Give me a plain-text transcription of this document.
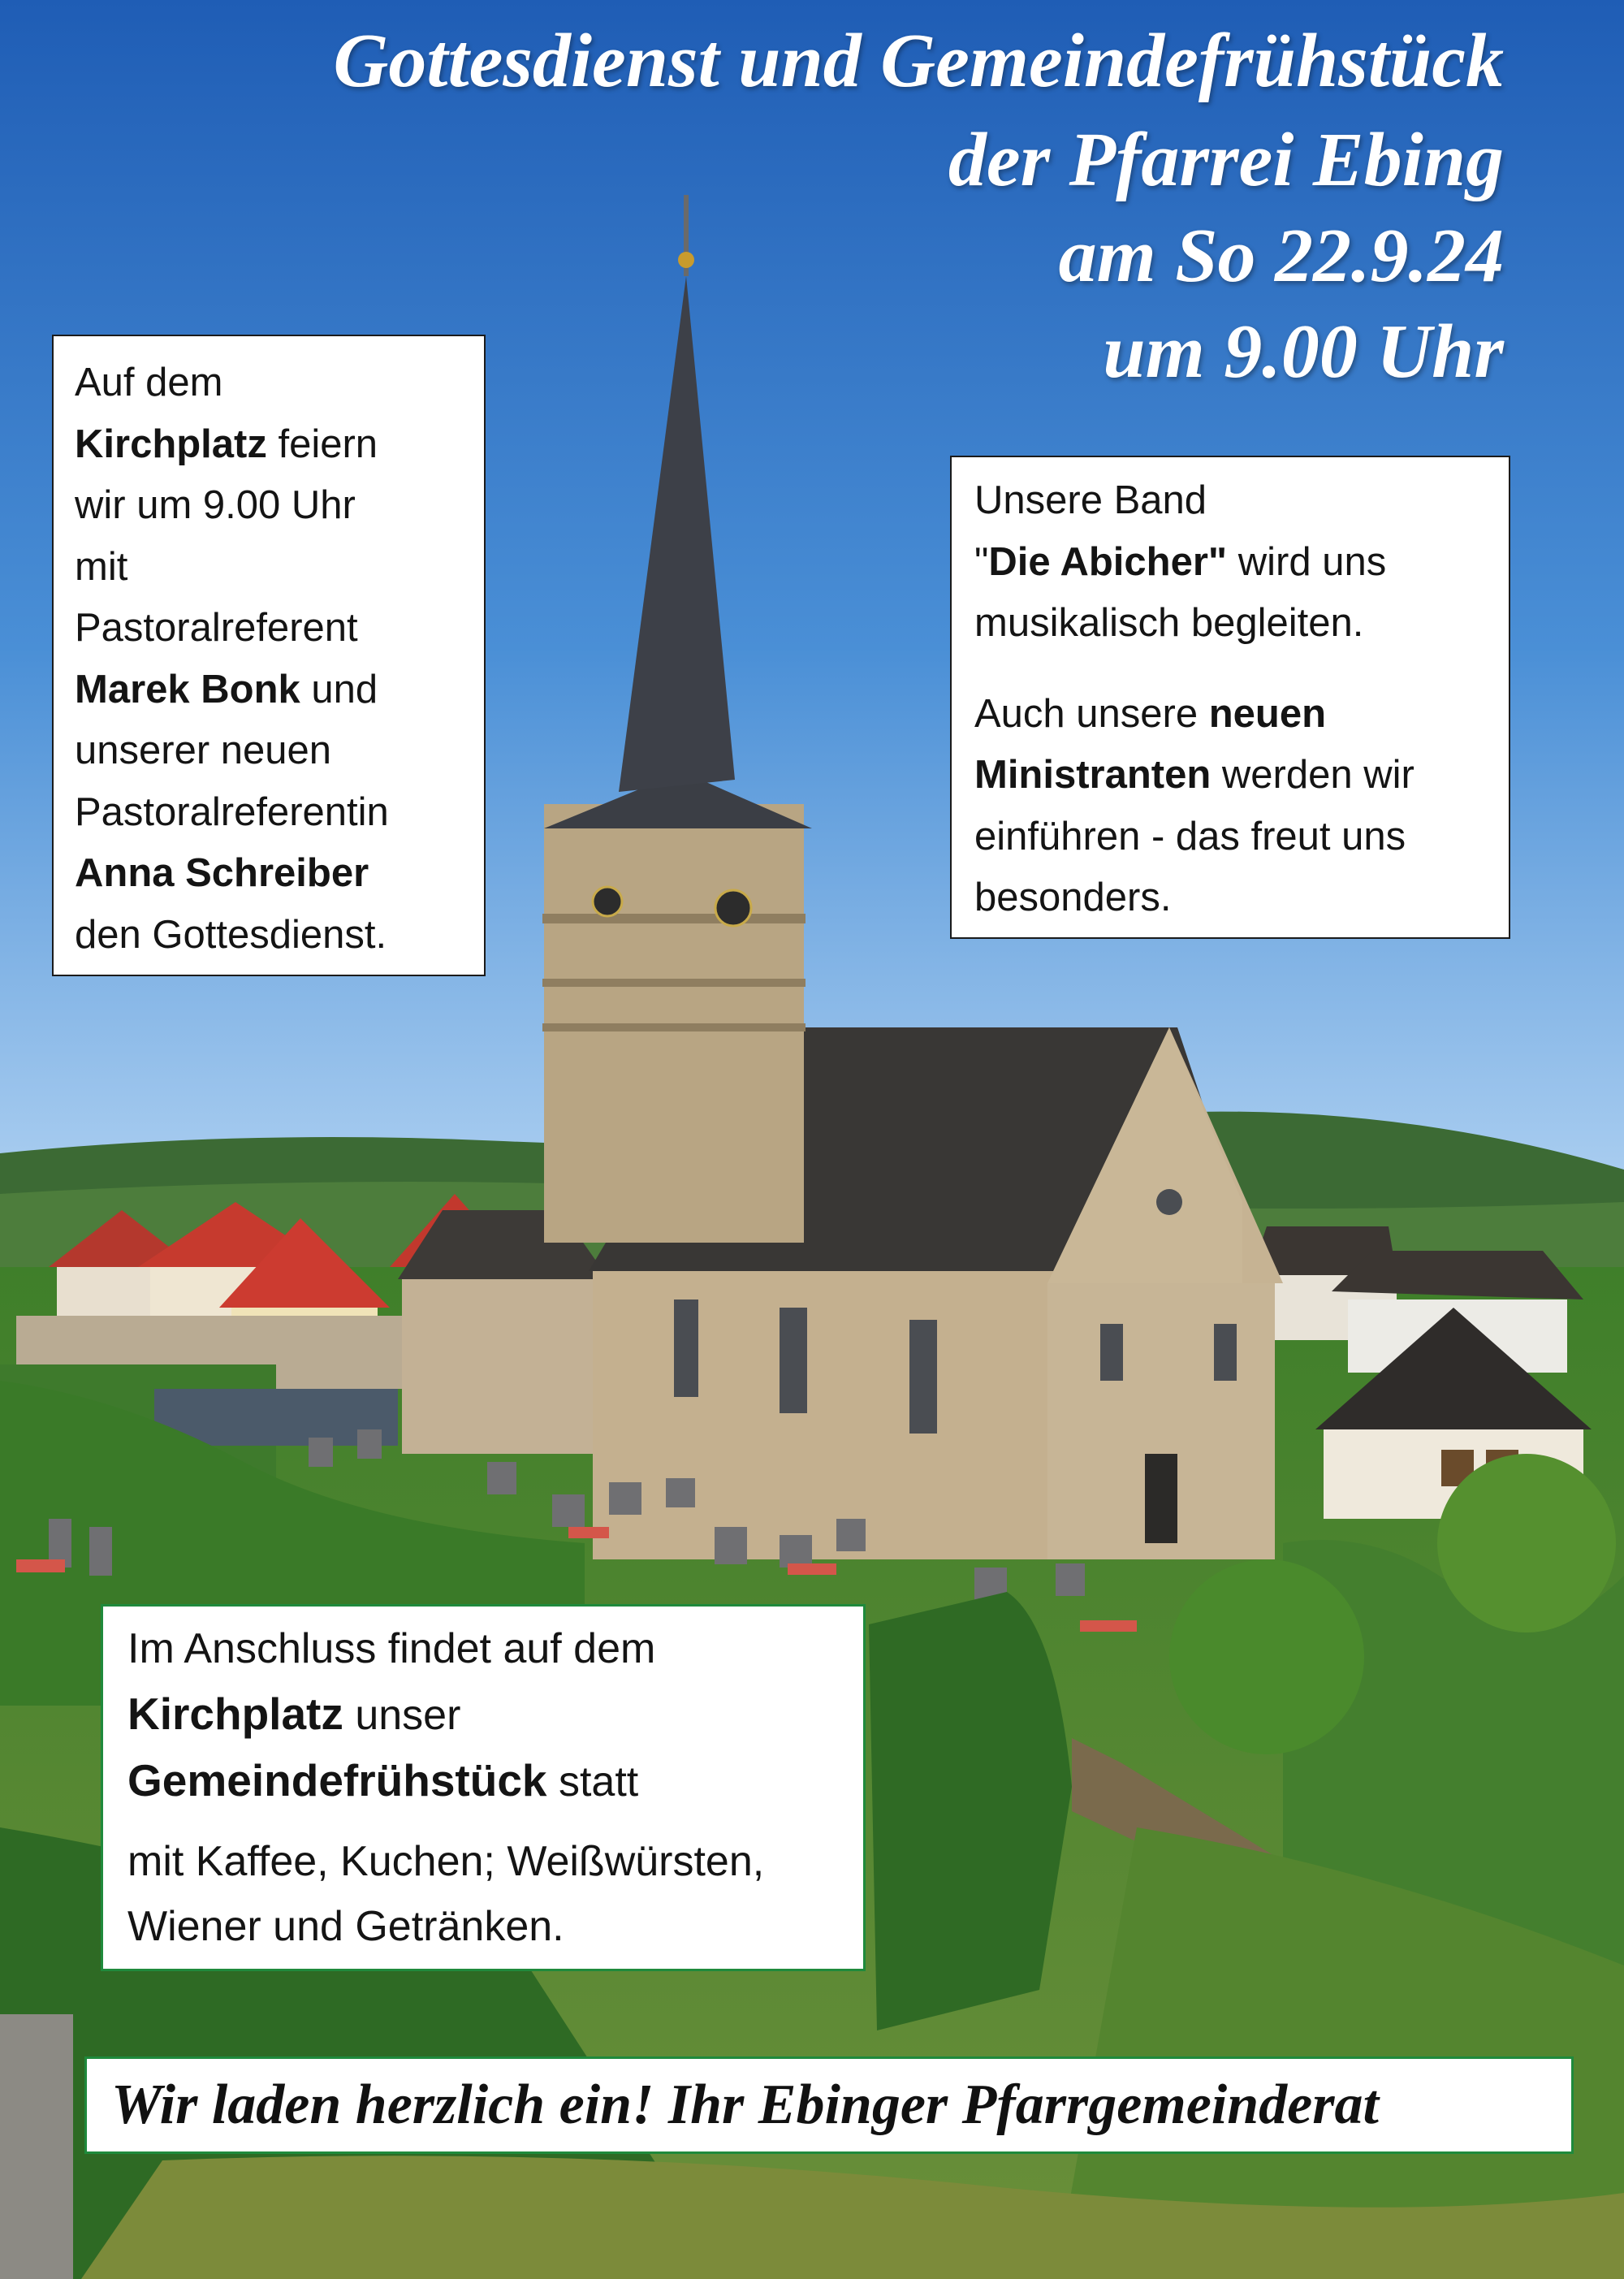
Gottesdienst und Gemeindefrühstück
der Pfarrei Ebing
am So 22.9.24
um 9.00 Uhr
Auf dem
Kirchplatz feiern
wir um 9.00 Uhr
mit
Pastoralreferent
Marek Bonk und
unserer neuen
Pastoralreferentin
Anna Schreiber
den Gottesdienst.

Unsere Band
"Die Abicher" wird uns
musikalisch begleiten.

Auch unsere neuen
Ministranten werden wir
einführen - das freut uns
besonders.

Im Anschluss findet auf dem
Kirchplatz unser
Gemeindefrühstück statt

mit Kaffee, Kuchen; Weißwürsten,
Wiener und Getränken.

Wir laden herzlich ein! Ihr Ebinger Pfarrgemeinderat
